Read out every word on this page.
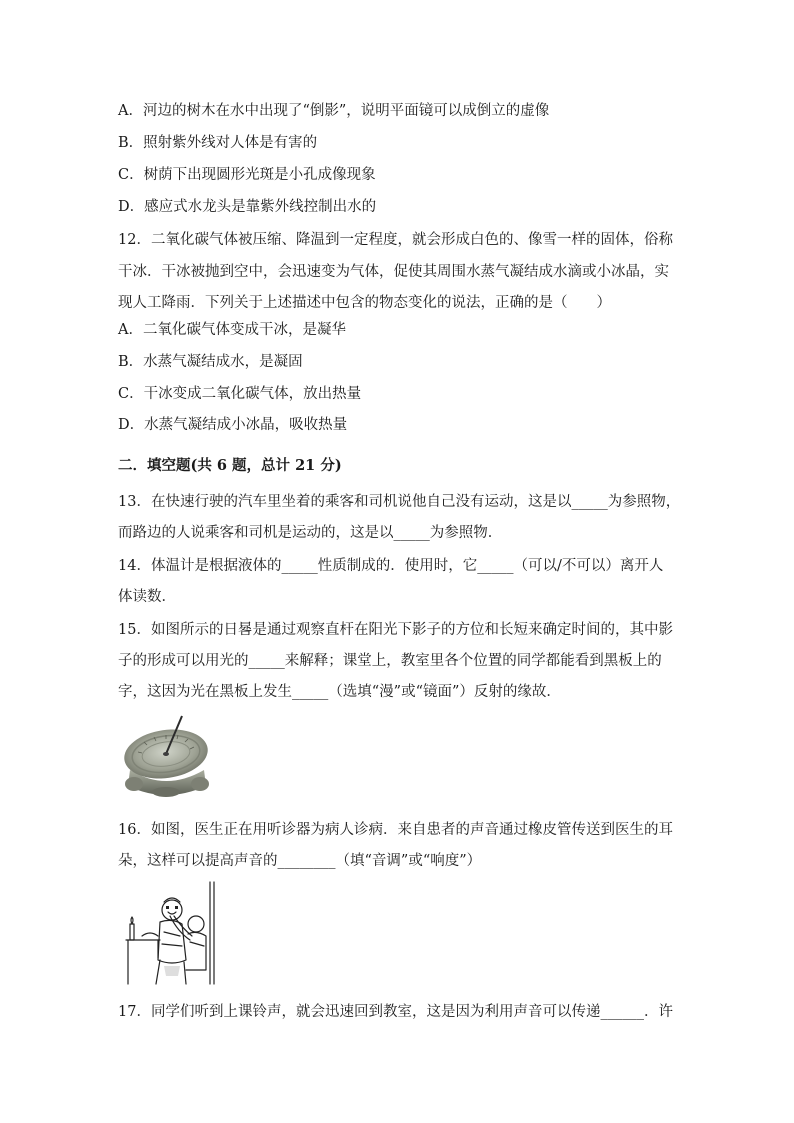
A．河边的树木在水中出现了“倒影”，说明平面镜可以成倒立的虚像
B．照射紫外线对人体是有害的
C．树荫下出现圆形光斑是小孔成像现象
D．感应式水龙头是靠紫外线控制出水的
12．二氧化碳气体被压缩、降温到一定程度，就会形成白色的、像雪一样的固体，俗称
干冰．干冰被抛到空中，会迅速变为气体，促使其周围水蒸气凝结成水滴或小冰晶，实
现人工降雨．下列关于上述描述中包含的物态变化的说法，正确的是（　　）
A．二氧化碳气体变成干冰，是凝华
B．水蒸气凝结成水，是凝固
C．干冰变成二氧化碳气体，放出热量
D．水蒸气凝结成小冰晶，吸收热量
二．填空题(共 6 题，总计 21 分)
13．在快速行驶的汽车里坐着的乘客和司机说他自己没有运动，这是以_____为参照物，
而路边的人说乘客和司机是运动的，这是以_____为参照物．
14．体温计是根据液体的_____性质制成的．使用时，它_____（可以/不可以）离开人
体读数．
15．如图所示的日晷是通过观察直杆在阳光下影子的方位和长短来确定时间的，其中影
子的形成可以用光的_____来解释；课堂上，教室里各个位置的同学都能看到黑板上的
字，这因为光在黑板上发生_____（选填“漫”或“镜面”）反射的缘故．
16．如图，医生正在用听诊器为病人诊病．来自患者的声音通过橡皮管传送到医生的耳
朵，这样可以提高声音的________（填“音调”或“响度”）
17．同学们听到上课铃声，就会迅速回到教室，这是因为利用声音可以传递______．许
